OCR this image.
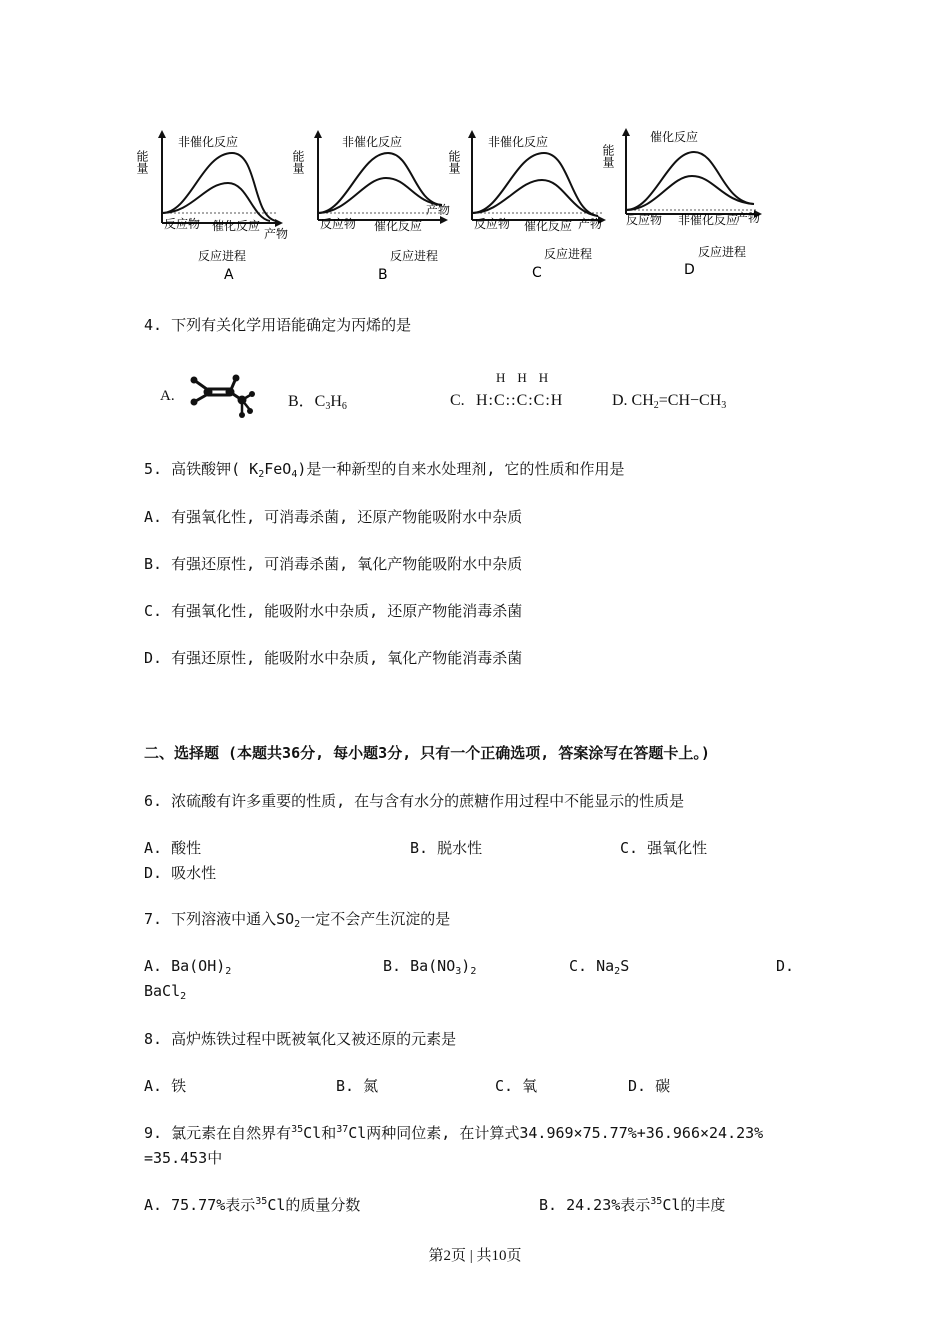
能量
非催化反应
反应物 催化反应
产物
反应进程
A
能量
非催化反应
反应物 催化反应
产物
反应进程
B
能量
非催化反应
反应物 催化反应 产物
反应进程
C
能量
催化反应
反应物 非催化反应
产物
反应进程
D
4. 下列有关化学用语能确定为丙烯的是
A.	B．$C_3H_6$	C.
HHH
H:C::C:C:H	D. $CH_2=CH-CH_3$
5. 高铁酸钾( $K_2FeO_4$)是一种新型的自来水处理剂, 它的性质和作用是
A. 有强氧化性, 可消毒杀菌, 还原产物能吸附水中杂质
B. 有强还原性, 可消毒杀菌, 氧化产物能吸附水中杂质
C. 有强氧化性, 能吸附水中杂质, 还原产物能消毒杀菌
D. 有强还原性, 能吸附水中杂质, 氧化产物能消毒杀菌
二、选择题 (本题共36分, 每小题3分, 只有一个正确选项, 答案涂写在答题卡上。)
6. 浓硫酸有许多重要的性质, 在与含有水分的蔗糖作用过程中不能显示的性质是
A. 酸性	B. 脱水性	C. 强氧化性
D. 吸水性
7. 下列溶液中通入$SO_2$一定不会产生沉淀的是
A. $Ba(OH)_2$	B. $Ba(NO_3)_2$	C. $Na_2S$	D.
BaCl$_2$
8. 高炉炼铁过程中既被氧化又被还原的元素是
A. 铁	B. 氮	C. 氧	D. 碳
9. 氯元素在自然界有$^{35}$Cl和$^{37}$Cl两种同位素, 在计算式34.969×75.77%+36.966×24.23%
=35.453中
A. 75.77%表示$^{35}$Cl的质量分数	B. 24.23%表示$^{35}$Cl的丰度
第2页 | 共10页
